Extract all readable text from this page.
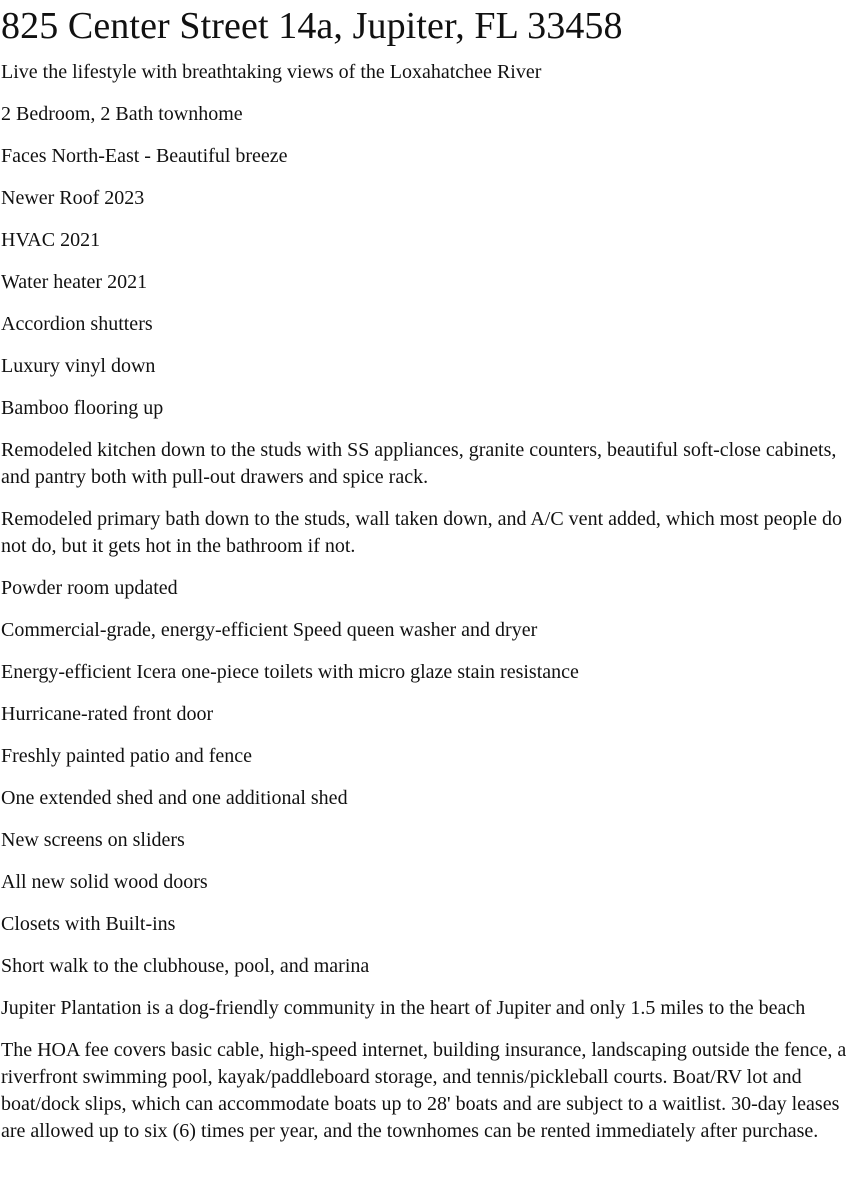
825 Center Street 14a, Jupiter, FL 33458

Live the lifestyle with breathtaking views of the Loxahatchee River

2 Bedroom, 2 Bath townhome

Faces North-East - Beautiful breeze

Newer Roof 2023

HVAC 2021

Water heater 2021

Accordion shutters

Luxury vinyl down

Bamboo flooring up

Remodeled kitchen down to the studs with SS appliances, granite counters, beautiful soft-close cabinets, and pantry both with pull-out drawers and spice rack.

Remodeled primary bath down to the studs, wall taken down, and A/C vent added, which most people do not do, but it gets hot in the bathroom if not.

Powder room updated

Commercial-grade, energy-efficient Speed queen washer and dryer

Energy-efficient Icera one-piece toilets with micro glaze stain resistance

Hurricane-rated front door

Freshly painted patio and fence

One extended shed and one additional shed

New screens on sliders

All new solid wood doors

Closets with Built-ins

Short walk to the clubhouse, pool, and marina

Jupiter Plantation is a dog-friendly community in the heart of Jupiter and only 1.5 miles to the beach

The HOA fee covers basic cable, high-speed internet, building insurance, landscaping outside the fence, a riverfront swimming pool, kayak/paddleboard storage, and tennis/pickleball courts. Boat/RV lot and boat/dock slips, which can accommodate boats up to 28' boats and are subject to a waitlist. 30-day leases are allowed up to six (6) times per year, and the townhomes can be rented immediately after purchase.
